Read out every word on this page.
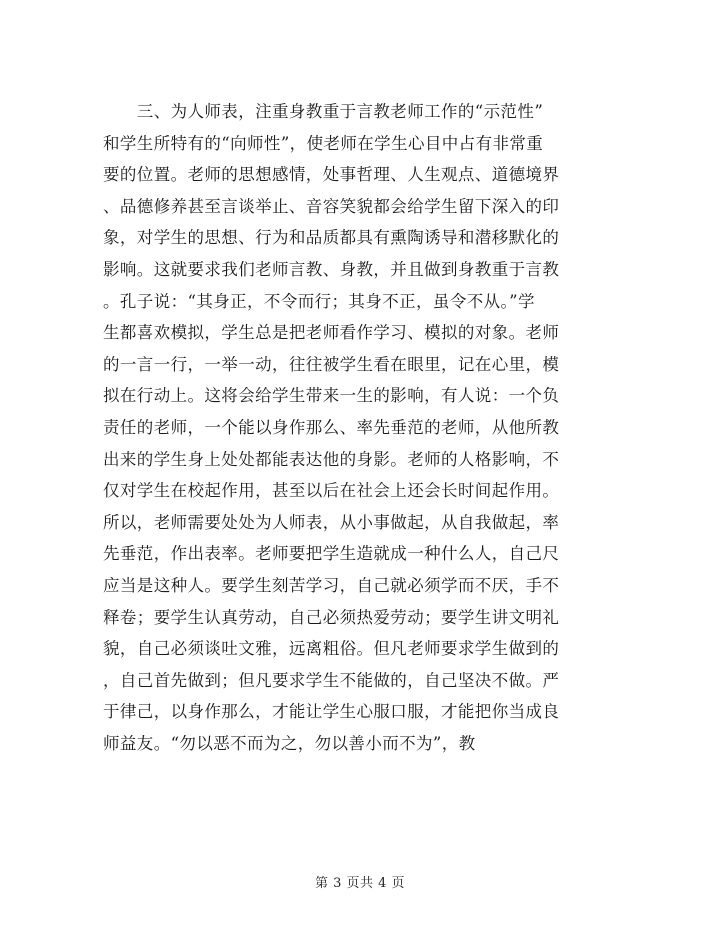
　　三、为人师表，注重身教重于言教老师工作的“示范性”
和学生所特有的“向师性”，使老师在学生心目中占有非常重
要的位置。老师的思想感情，处事哲理、人生观点、道德境界
、品德修养甚至言谈举止、音容笑貌都会给学生留下深入的印
象，对学生的思想、行为和品质都具有熏陶诱导和潜移默化的
影响。这就要求我们老师言教、身教，并且做到身教重于言教
。孔子说：“其身正，不令而行；其身不正，虽令不从。”学
生都喜欢模拟，学生总是把老师看作学习、模拟的对象。老师
的一言一行，一举一动，往往被学生看在眼里，记在心里，模
拟在行动上。这将会给学生带来一生的影响，有人说：一个负
责任的老师，一个能以身作那么、率先垂范的老师，从他所教
出来的学生身上处处都能表达他的身影。老师的人格影响，不
仅对学生在校起作用，甚至以后在社会上还会长时间起作用。
所以，老师需要处处为人师表，从小事做起，从自我做起，率
先垂范，作出表率。老师要把学生造就成一种什么人，自己尺
应当是这种人。要学生刻苦学习，自己就必须学而不厌，手不
释卷；要学生认真劳动，自己必须热爱劳动；要学生讲文明礼
貌，自己必须谈吐文雅，远离粗俗。但凡老师要求学生做到的
，自己首先做到；但凡要求学生不能做的，自己坚决不做。严
于律己，以身作那么，才能让学生心服口服，才能把你当成良
师益友。“勿以恶不而为之，勿以善小而不为”，教
第 3 页共 4 页
